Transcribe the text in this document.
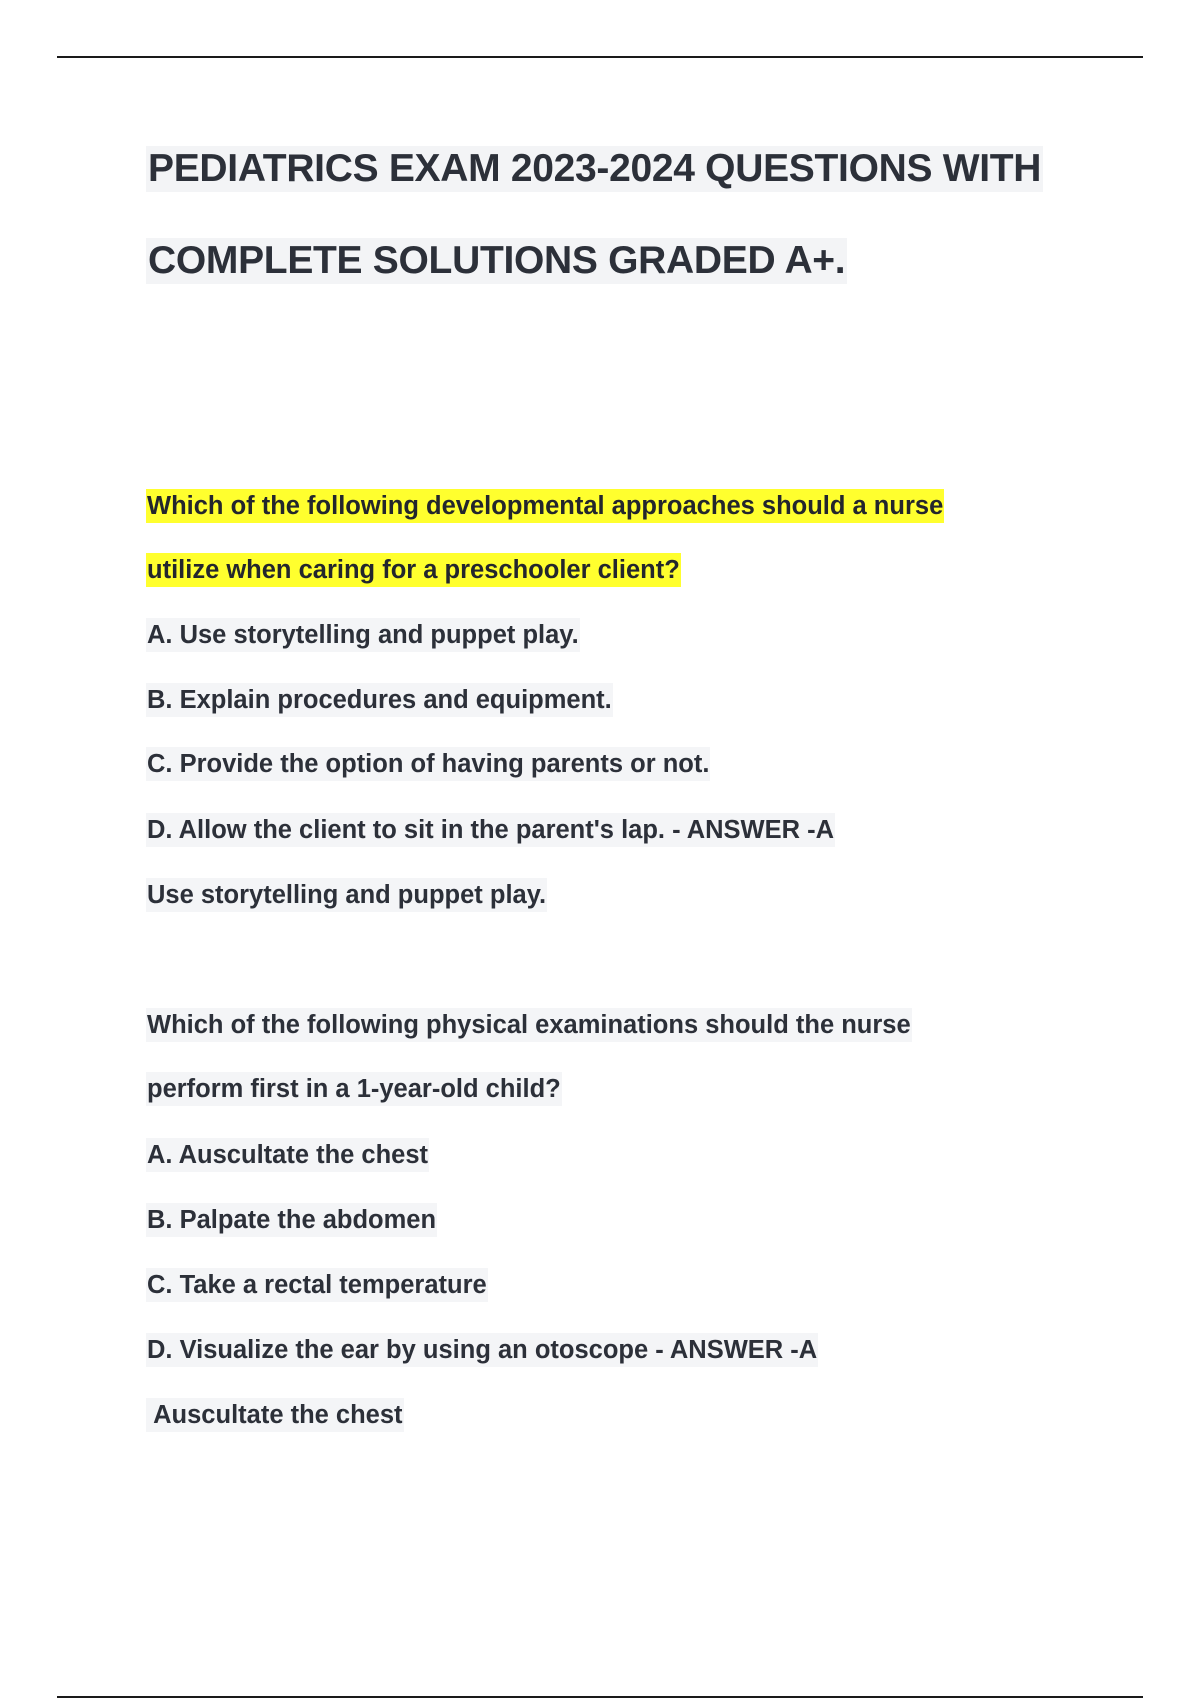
PEDIATRICS EXAM 2023-2024 QUESTIONS WITH
COMPLETE SOLUTIONS GRADED A+.
Which of the following developmental approaches should a nurse
utilize when caring for a preschooler client?
A. Use storytelling and puppet play.
B. Explain procedures and equipment.
C. Provide the option of having parents or not.
D. Allow the client to sit in the parent's lap. - ANSWER -A
Use storytelling and puppet play.
Which of the following physical examinations should the nurse
perform first in a 1-year-old child?
A. Auscultate the chest
B. Palpate the abdomen
C. Take a rectal temperature
D. Visualize the ear by using an otoscope - ANSWER -A
Auscultate the chest
